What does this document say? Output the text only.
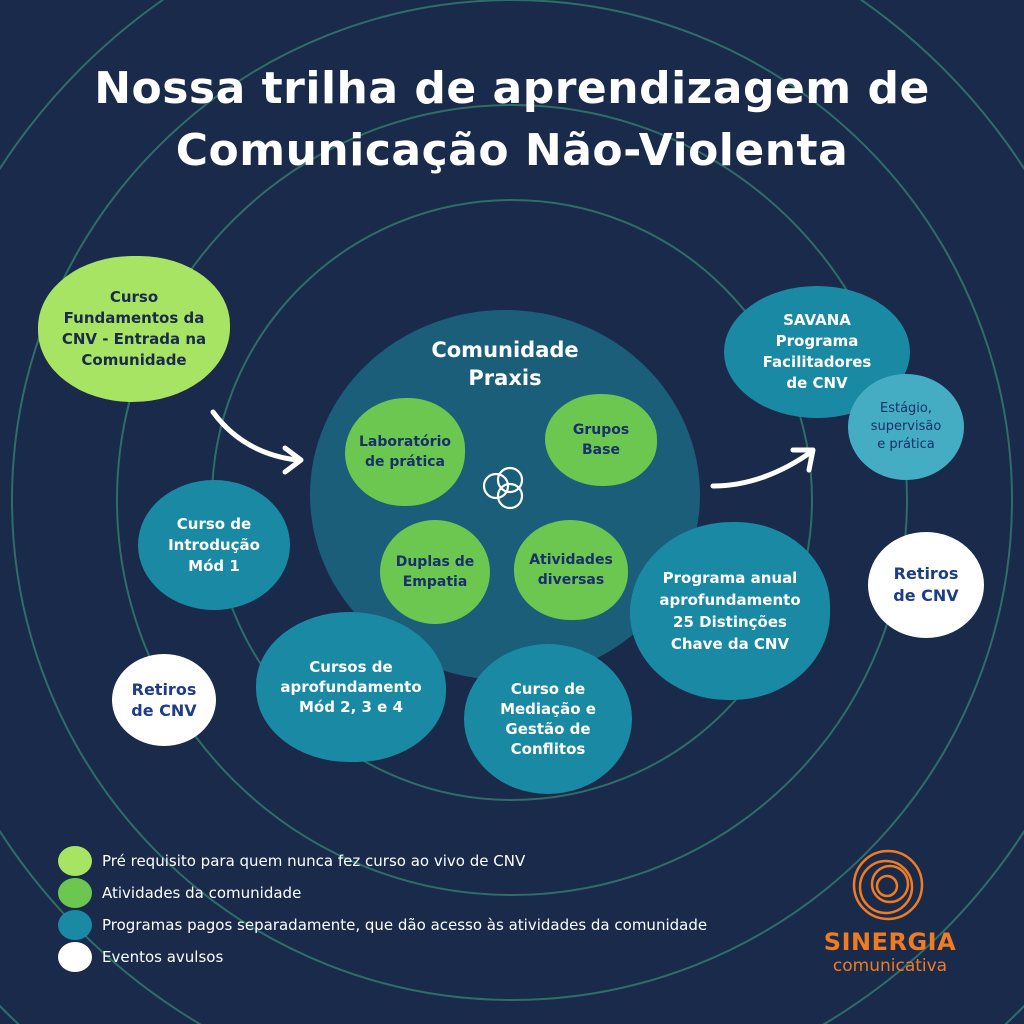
Nossa trilha de aprendizagem de
Comunicação Não-Violenta
Comunidade
Praxis
Laboratório
de prática
Grupos
Base
Duplas de
Empatia
Atividades
diversas
Curso
Fundamentos da
CNV - Entrada na
Comunidade
Curso de
Introdução
Mód 1
Cursos de
aprofundamento
Mód 2, 3 e 4
Curso de
Mediação e
Gestão de
Conflitos
Programa anual
aprofundamento
25 Distinções
Chave da CNV
SAVANA
Programa
Facilitadores
de CNV
Estágio,
supervisão
e prática
Retiros
de CNV
Retiros
de CNV
Pré requisito para quem nunca fez curso ao vivo de CNV
Atividades da comunidade
Programas pagos separadamente, que dão acesso às atividades da comunidade
Eventos avulsos
SINERGIA
comunicativa
